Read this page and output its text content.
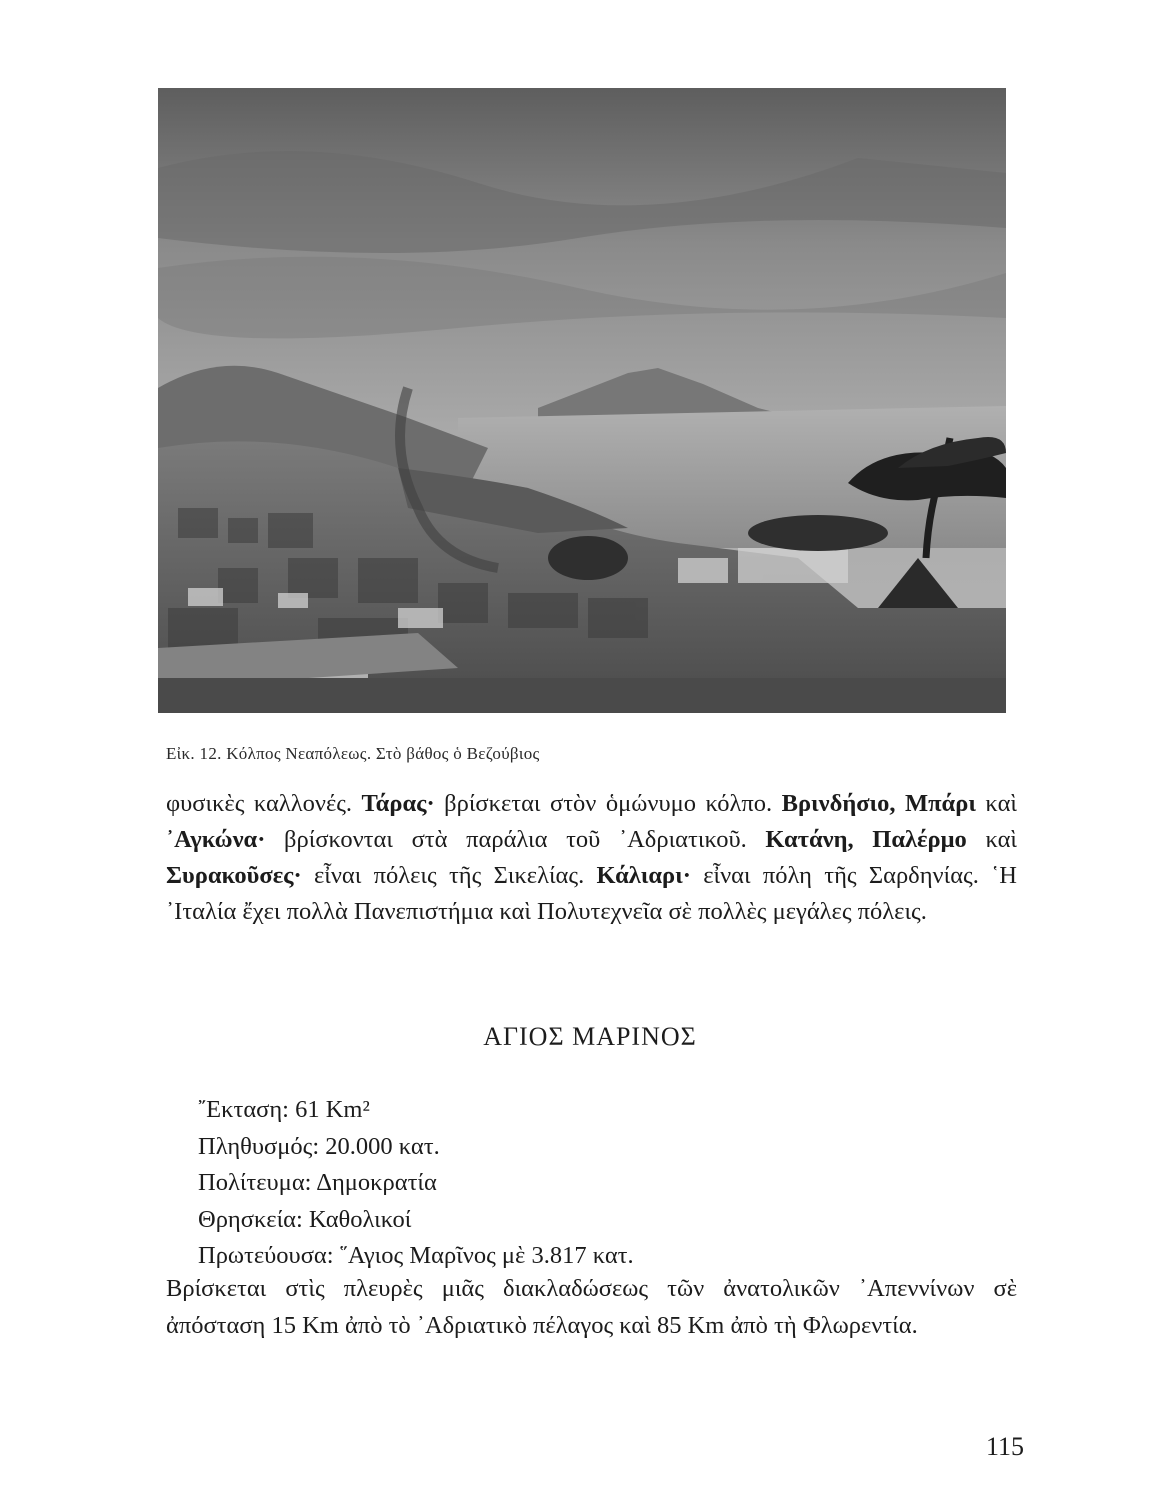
Εἰκ. 12. Κόλπος Νεαπόλεως. Στὸ βάθος ὁ Βεζούβιος
φυσικὲς καλλονές. Τάρας· βρίσκεται στὸν ὁμώνυμο κόλπο. Βρινδήσιο, Μπάρι καὶ ᾿Αγκώνα· βρίσκονται στὰ παράλια τοῦ ᾿Αδριατικοῦ. Κατάνη, Παλέρμο καὶ Συρακοῦσες· εἶναι πόλεις τῆς Σικελίας. Κάλιαρι· εἶναι πόλη τῆς Σαρδηνίας. ῾Η ᾿Ιταλία ἔχει πολλὰ Πανεπιστήμια καὶ Πολυτεχνεῖα σὲ πολλὲς μεγάλες πόλεις.
ΑΓΙΟΣ ΜΑΡΙΝΟΣ
῎Εκταση: 61 Km²
Πληθυσμός: 20.000 κατ.
Πολίτευμα: Δημοκρατία
Θρησκεία: Καθολικοί
Πρωτεύουσα: ῞Αγιος Μαρῖνος μὲ 3.817 κατ.
Βρίσκεται στὶς πλευρὲς μιᾶς διακλαδώσεως τῶν ἀνατολικῶν ᾿Απεννίνων σὲ ἀπόσταση 15 Km ἀπὸ τὸ ᾿Αδριατικὸ πέλαγος καὶ 85 Km ἀπὸ τὴ Φλωρεντία.
115
